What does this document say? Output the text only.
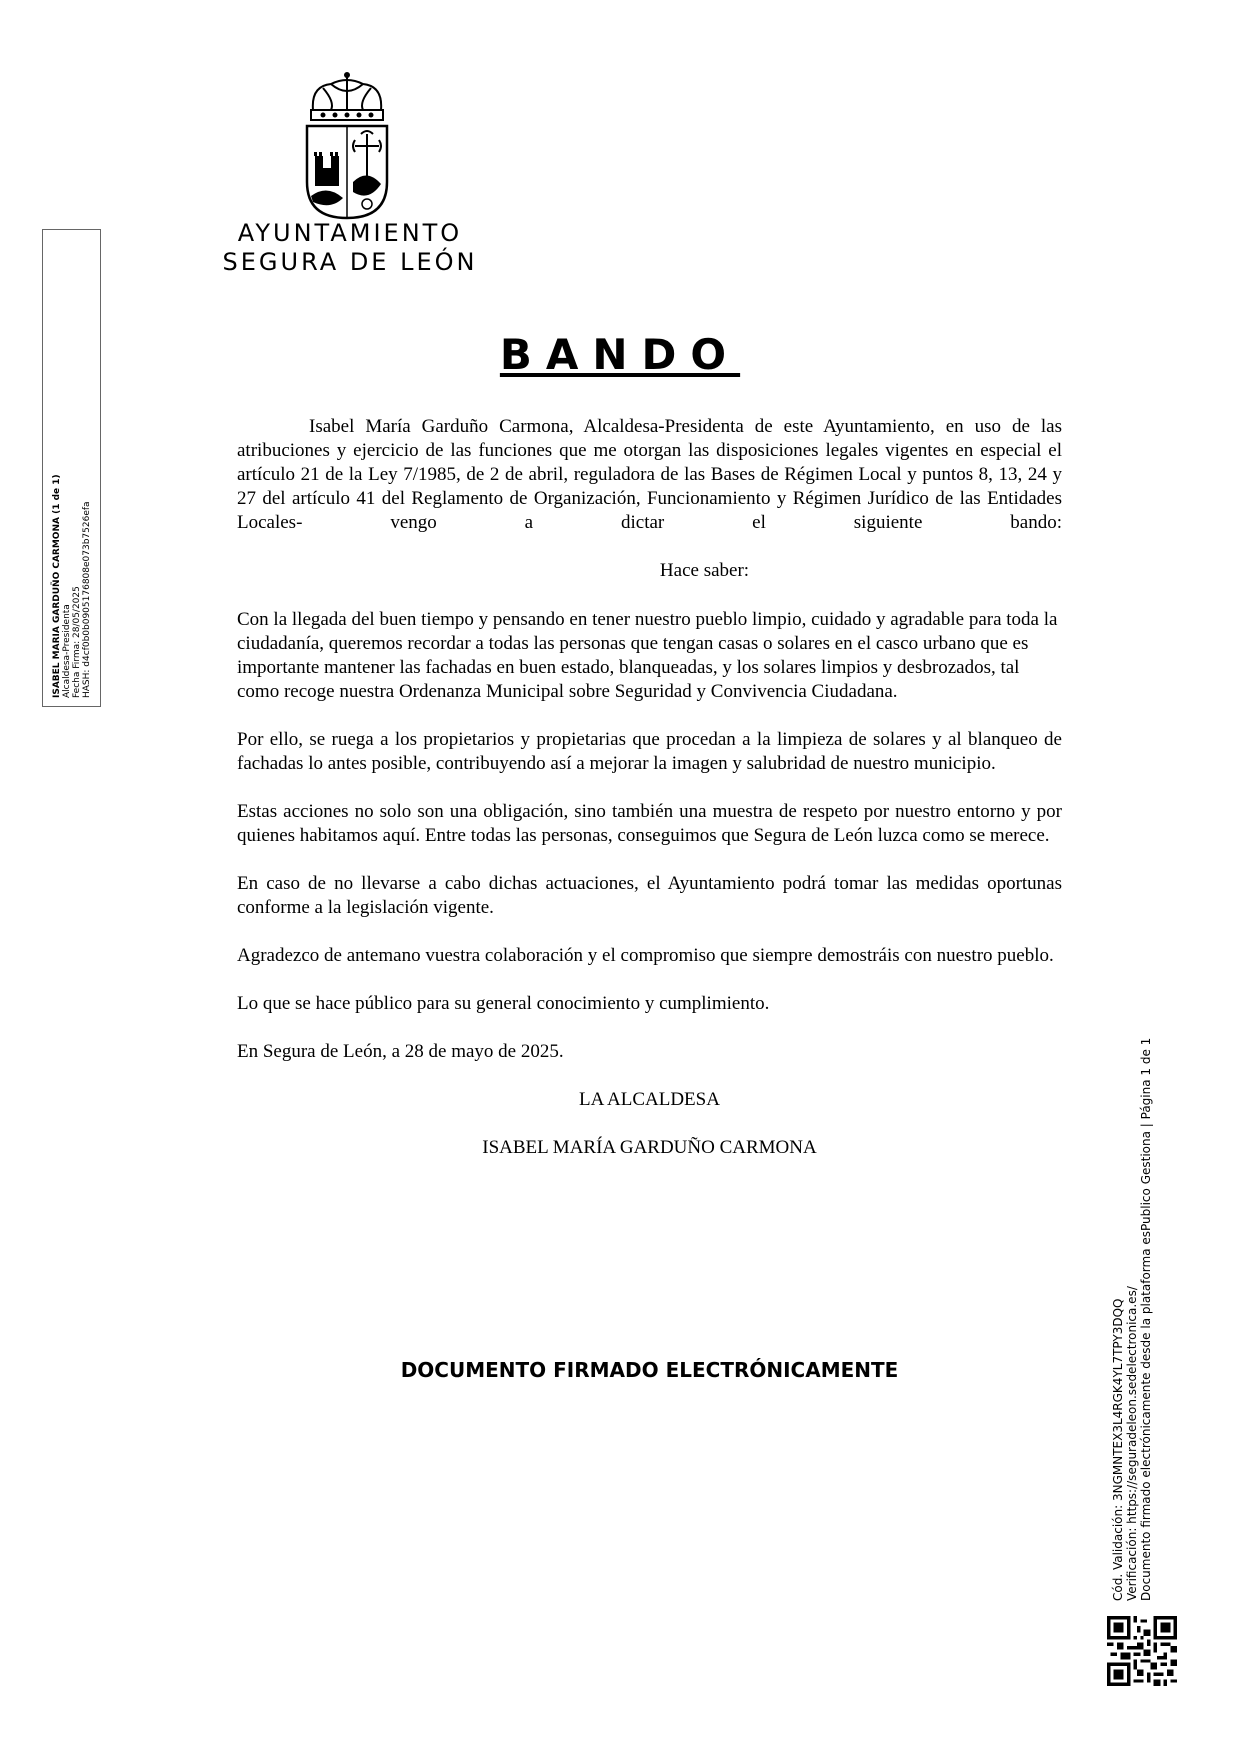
AYUNTAMIENTO
SEGURA DE LEÓN
BANDO

Isabel María Garduño Carmona, Alcaldesa-Presidenta de este Ayuntamiento, en uso de las atribuciones y ejercicio de las funciones que me otorgan las disposiciones legales vigentes en especial el artículo 21 de la Ley 7/1985, de 2 de abril, reguladora de las Bases de Régimen Local y puntos 8, 13, 24 y 27 del artículo 41 del Reglamento de Organización, Funcionamiento y Régimen Jurídico de las Entidades Locales- vengo a dictar el siguiente bando:

Hace saber:

Con la llegada del buen tiempo y pensando en tener nuestro pueblo limpio, cuidado y agradable para toda la ciudadanía, queremos recordar a todas las personas que tengan casas o solares en el casco urbano que es importante mantener las fachadas en buen estado, blanqueadas, y los solares limpios y desbrozados, tal como recoge nuestra Ordenanza Municipal sobre Seguridad y Convivencia Ciudadana.

Por ello, se ruega a los propietarios y propietarias que procedan a la limpieza de solares y al blanqueo de fachadas lo antes posible, contribuyendo así a mejorar la imagen y salubridad de nuestro municipio.

Estas acciones no solo son una obligación, sino también una muestra de respeto por nuestro entorno y por quienes habitamos aquí. Entre todas las personas, conseguimos que Segura de León luzca como se merece.

En caso de no llevarse a cabo dichas actuaciones, el Ayuntamiento podrá tomar las medidas oportunas conforme a la legislación vigente.

Agradezco de antemano vuestra colaboración y el compromiso que siempre demostráis con nuestro pueblo.

Lo que se hace público para su general conocimiento y cumplimiento.

En Segura de León, a 28 de mayo de 2025.

LA ALCALDESA

ISABEL MARÍA GARDUÑO CARMONA

DOCUMENTO FIRMADO ELECTRÓNICAMENTE
ISABEL MARIA GARDUÑO CARMONA (1 de 1) Alcaldesa-Presidenta Fecha Firma: 28/05/2025 HASH: d4cf0b0b0905176808e073b7526efa
Cód. Validación: 3NGMNTEX3L4RGK4YL7TPY3DQQ Verificación: https://seguradeleon.sedelectronica.es/ Documento firmado electrónicamente desde la plataforma esPublico Gestiona | Página 1 de 1
